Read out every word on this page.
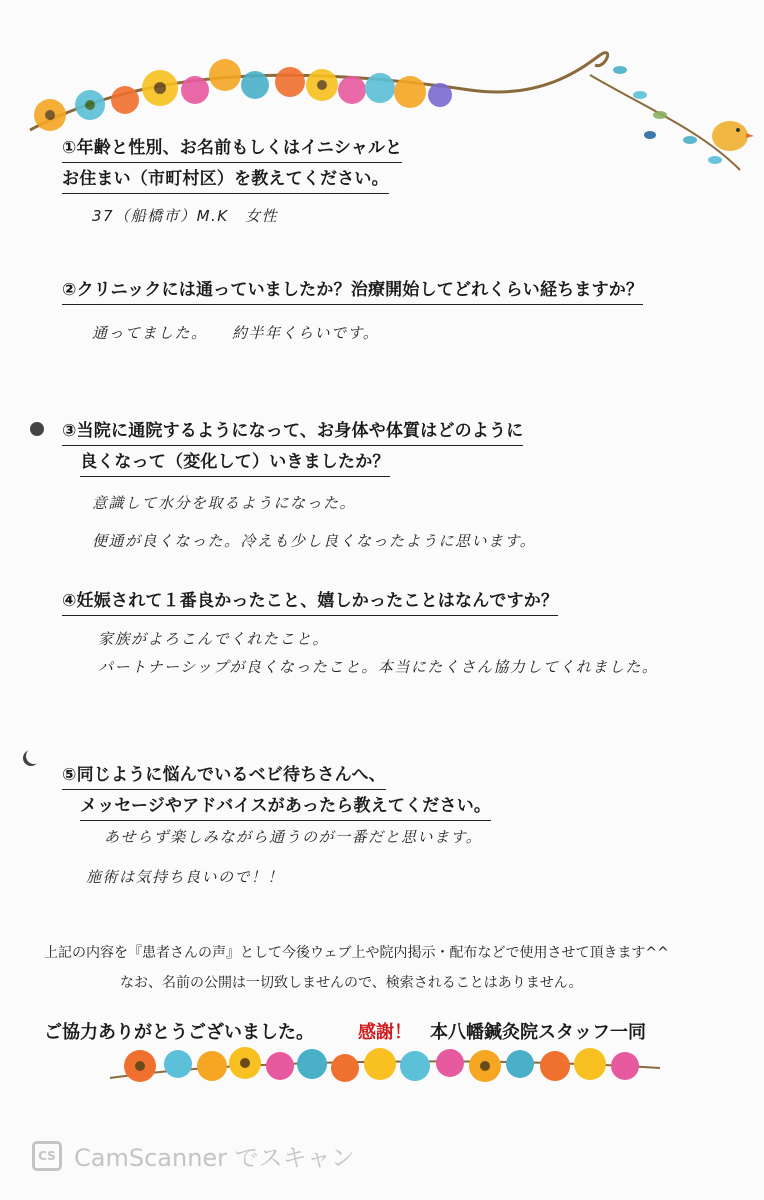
①年齢と性別、お名前もしくはイニシャルと
お住まい（市町村区）を教えてください。
37（船橋市）M.K　女性
②クリニックには通っていましたか？治療開始してどれくらい経ちますか？
通ってました。 約半年くらいです。
③当院に通院するようになって、お身体や体質はどのように
良くなって（変化して）いきましたか？
意識して水分を取るようになった。
便通が良くなった。冷えも少し良くなったように思います。
④妊娠されて１番良かったこと、嬉しかったことはなんですか？
家族がよろこんでくれたこと。
パートナーシップが良くなったこと。本当にたくさん協力してくれました。
⑤同じように悩んでいるベビ待ちさんへ、
メッセージやアドバイスがあったら教えてください。
あせらず楽しみながら通うのが一番だと思います。
施術は気持ち良いので！！
上記の内容を『患者さんの声』として今後ウェブ上や院内掲示・配布などで使用させて頂きます^^
なお、名前の公開は一切致しませんので、検索されることはありません。
ご協力ありがとうございました。 感謝！ 本八幡鍼灸院スタッフ一同
CS CamScanner でスキャン
